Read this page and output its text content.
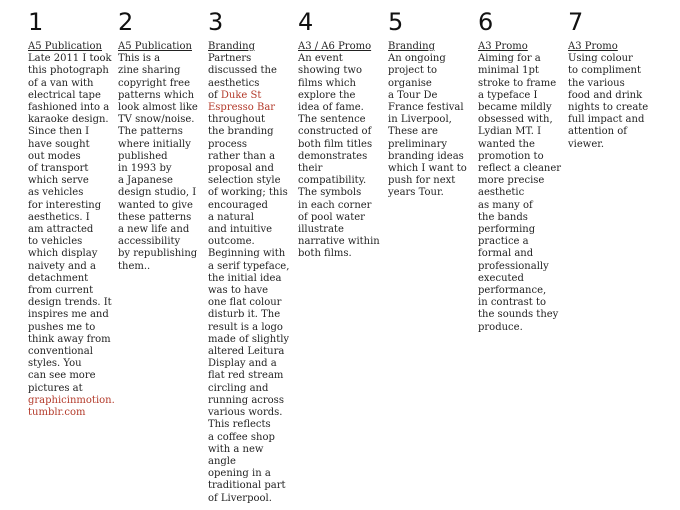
1
A5 Publication

Late 2011 I took
this photograph
of a van with
electrical tape
fashioned into a
karaoke design.
Since then I
have sought
out modes
of transport
which serve
as vehicles
for interesting
aesthetics. I
am attracted
to vehicles
which display
naivety and a
detachment
from current
design trends. It
inspires me and
pushes me to
think away from
conventional
styles. You
can see more
pictures at
graphicinmotion.
tumblr.com

2
A5 Publication

This is a
zine sharing
copyright free
patterns which
look almost like
TV snow/noise.
The patterns
where initially
published
in 1993 by
a Japanese
design studio, I
wanted to give
these patterns
a new life and
accessibility
by republishing
them..

3
Branding

Partners
discussed the
aesthetics
of Duke St
Espresso Bar
throughout
the branding
process
rather than a
proposal and
selection style
of working; this
encouraged
a natural
and intuitive
outcome.
Beginning with
a serif typeface,
the initial idea
was to have
one flat colour
disturb it. The
result is a logo
made of slightly
altered Leitura
Display and a
flat red stream
circling and
running across
various words.
This reflects
a coffee shop
with a new angle
opening in a
traditional part
of Liverpool.

4
A3 / A6 Promo

An event
showing two
films which
explore the
idea of fame.
The sentence
constructed of
both film titles
demonstrates
their
compatibility.
The symbols
in each corner
of pool water
illustrate
narrative within
both films.

5
Branding

An ongoing
project to
organise
a Tour De
France festival
in Liverpool,
These are
preliminary
branding ideas
which I want to
push for next
years Tour.

6
A3 Promo

Aiming for a
minimal 1pt
stroke to frame
a typeface I
became mildly
obsessed with,
Lydian MT. I
wanted the
promotion to
reflect a cleaner
more precise
aesthetic
as many of
the bands
performing
practice a
formal and
professionally
executed
performance,
in contrast to
the sounds they
produce.

7
A3 Promo

Using colour
to compliment
the various
food and drink
nights to create
full impact and
attention of
viewer.
